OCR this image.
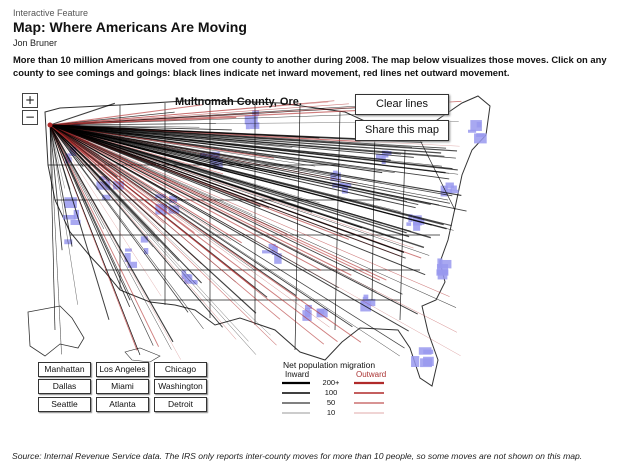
Interactive Feature
Map: Where Americans Are Moving
Jon Bruner
More than 10 million Americans moved from one county to another during 2008. The map below visualizes those moves. Click on any county to see comings and goings: black lines indicate net inward movement, red lines net outward movement.
+
−
Multnomah County, Ore.	Clear lines
Share this map
Manhattan	Los Angeles	Chicago
Dallas	Miami	Washington
Seattle	Atlanta	Detroit
Net population migration
Inward	Outward
200+
100
50
10
Source: Internal Revenue Service data. The IRS only reports inter-county moves for more than 10 people, so some moves are not shown on this map.
